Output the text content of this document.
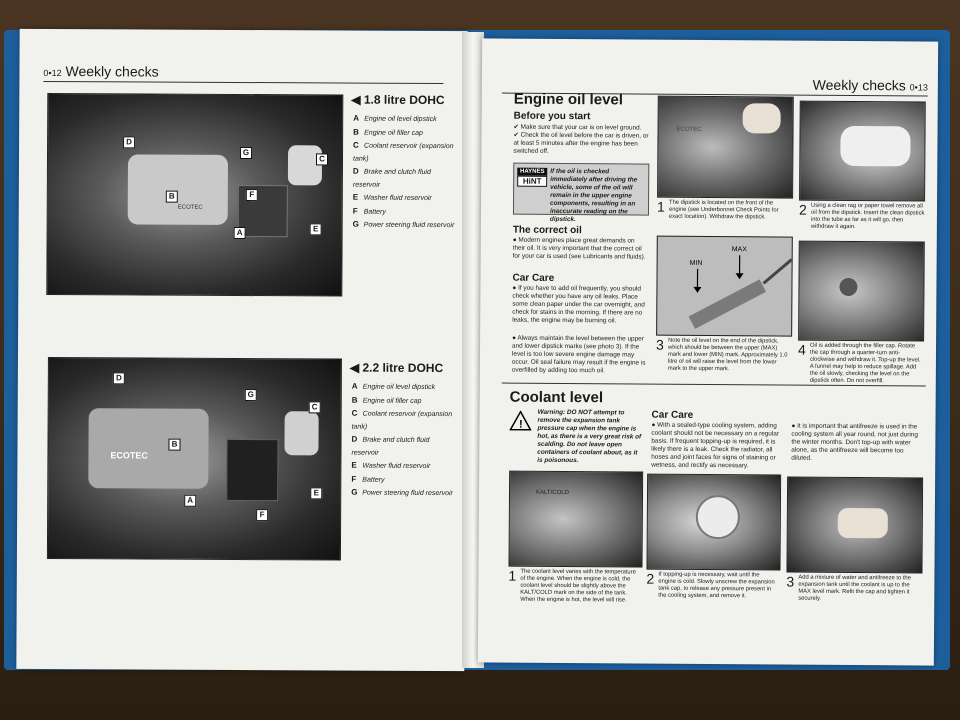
0•12 Weekly checks
ECOTEC
D
B
G
C
F
A	E
◀ 1.8 litre DOHC
A Engine oil level dipstick
B Engine oil filler cap
C Coolant reservoir (expansion tank)
D Brake and clutch fluid reservoir
E Washer fluid reservoir
F Battery
G Power steering fluid reservoir
ECOTEC
D
B
G
C
F
A
E
◀ 2.2 litre DOHC
A Engine oil level dipstick
B Engine oil filler cap
C Coolant reservoir (expansion tank)
D Brake and clutch fluid reservoir
E Washer fluid reservoir
F Battery
G Power steering fluid reservoir
Weekly checks 0•13
Engine oil level
Before you start
✔ Make sure that your car is on level ground.
✔ Check the oil level before the car is driven, or at least 5 minutes after the engine has been switched off.
HAYNES
HiNT
If the oil is checked immediately after driving the vehicle, some of the oil will remain in the upper engine components, resulting in an inaccurate reading on the dipstick.
The correct oil
● Modern engines place great demands on their oil. It is very important that the correct oil for your car is used (see Lubricants and fluids).
Car Care
● If you have to add oil frequently, you should check whether you have any oil leaks. Place some clean paper under the car overnight, and check for stains in the morning. If there are no leaks, the engine may be burning oil.
● Always maintain the level between the upper and lower dipstick marks (see photo 3). If the level is too low severe engine damage may occur. Oil seal failure may result if the engine is overfilled by adding too much oil.
ECOTEC
1 The dipstick is located on the front of the engine (see Underbonnet Check Points for exact location). Withdraw the dipstick.	2 Using a clean rag or paper towel remove all oil from the dipstick. Insert the clean dipstick into the tube as far as it will go, then withdraw it again.
MIN
MAX
3 Note the oil level on the end of the dipstick, which should be between the upper (MAX) mark and lower (MIN) mark. Approximately 1.0 litre of oil will raise the level from the lower mark to the upper mark.
4 Oil is added through the filler cap. Rotate the cap through a quarter-turn anti-clockwise and withdraw it. Top-up the level. A funnel may help to reduce spillage. Add the oil slowly, checking the level on the dipstick often. Do not overfill.
Coolant level
!
Warning: DO NOT attempt to remove the expansion tank pressure cap when the engine is hot, as there is a very great risk of scalding. Do not leave open containers of coolant about, as it is poisonous.
Car Care
● With a sealed-type cooling system, adding coolant should not be necessary on a regular basis. If frequent topping-up is required, it is likely there is a leak. Check the radiator, all hoses and joint faces for signs of staining or wetness, and rectify as necessary.
● It is important that antifreeze is used in the cooling system all year round, not just during the winter months. Don't top-up with water alone, as the antifreeze will become too diluted.
KALT/COLD
1 The coolant level varies with the temperature of the engine. When the engine is cold, the coolant level should be slightly above the KALT/COLD mark on the side of the tank. When the engine is hot, the level will rise.
2 If topping-up is necessary, wait until the engine is cold. Slowly unscrew the expansion tank cap, to release any pressure present in the cooling system, and remove it.
3 Add a mixture of water and antifreeze to the expansion tank until the coolant is up to the MAX level mark. Refit the cap and tighten it securely.
